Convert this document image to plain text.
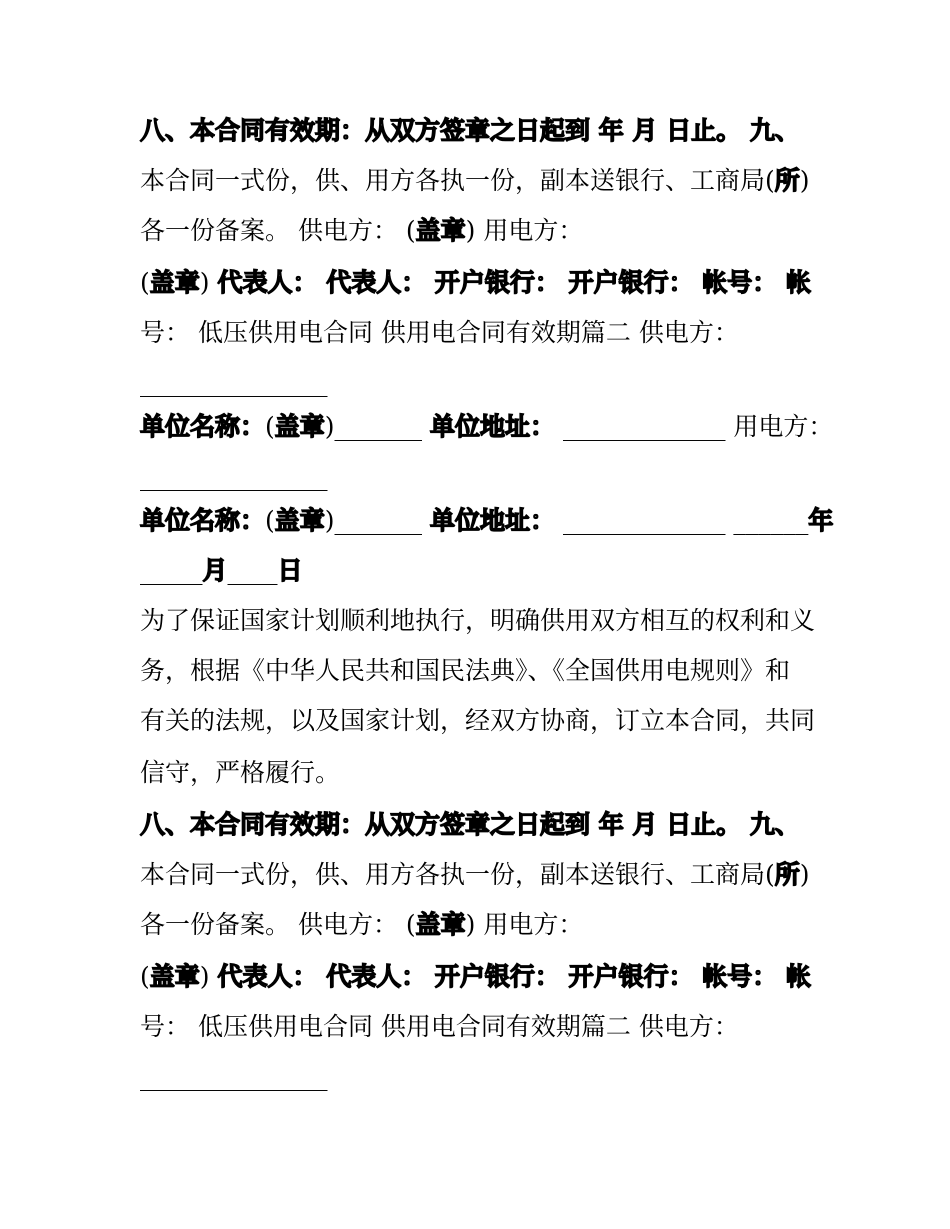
八、本合同有效期：从双方签章之日起到 年 月 日止。 九、
本合同一式份，供、用方各执一份，副本送银行、工商局(所)
各一份备案。 供电方： (盖章) 用电方：
(盖章) 代表人： 代表人： 开户银行： 开户银行： 帐号： 帐
号： 低压供用电合同 供用电合同有效期篇二 供电方：
_______________
单位名称：(盖章)_______ 单位地址： _____________ 用电方：
_______________
单位名称：(盖章)_______ 单位地址： _____________ ______年
_____月____日
为了保证国家计划顺利地执行，明确供用双方相互的权利和义
务，根据《中华人民共和国民法典》、《全国供用电规则》和
有关的法规，以及国家计划，经双方协商，订立本合同，共同
信守，严格履行。
八、本合同有效期：从双方签章之日起到 年 月 日止。 九、
本合同一式份，供、用方各执一份，副本送银行、工商局(所)
各一份备案。 供电方： (盖章) 用电方：
(盖章) 代表人： 代表人： 开户银行： 开户银行： 帐号： 帐
号： 低压供用电合同 供用电合同有效期篇二 供电方：
_______________
